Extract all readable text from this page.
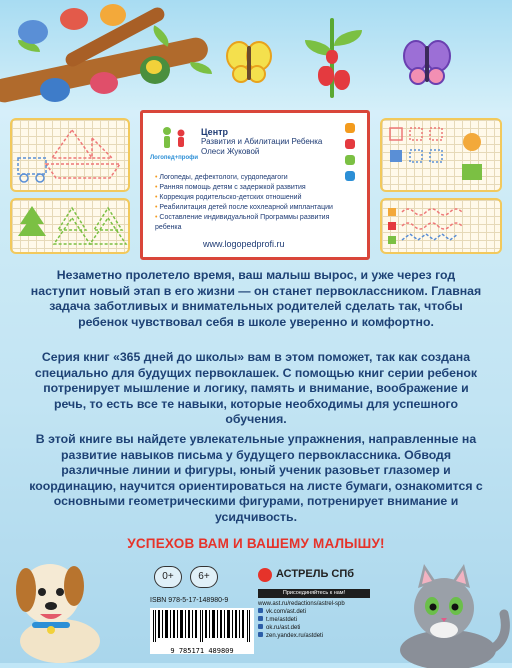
Логопед+профи
Центр
Развития и Абилитации Ребенка
Олеси Жуковой
• Логопеды, дефектологи, сурдопедагоги
• Ранняя помощь детям с задержкой развития
• Коррекция родительско-детских отношений
• Реабилитация детей после кохлеарной имплантации
• Составление индивидуальной Программы развития ребенка
www.logopedprofi.ru

Незаметно пролетело время, ваш малыш вырос, и уже через год наступит новый этап в его жизни — он станет первоклассником. Главная задача заботливых и внимательных родителей сделать так, чтобы ребенок чувствовал себя в школе уверенно и комфортно.

Серия книг «365 дней до школы» вам в этом поможет, так как создана специально для будущих первоклашек. С помощью книг серии ребенок потренирует мышление и логику, память и внимание, воображение и речь, то есть все те навыки, которые необходимы для успешного обучения.

В этой книге вы найдете увлекательные упражнения, направленные на развитие навыков письма у будущего первоклассника. Обводя различные линии и фигуры, юный ученик разовьет глазомер и координацию, научится ориентироваться на листе бумаги, ознакомится с основными геометрическими фигурами, потренирует внимание и усидчивость.

УСПЕХОВ ВАМ И ВАШЕМУ МАЛЫШУ!
0+	6+
ISBN 978-5-17-148980-9
9 785171 489809
АСТРЕЛЬ СПб
Присоединяйтесь к нам!
www.ast.ru/redactions/astrel-spb
vk.com/ast.deti
t.me/astdeti
ok.ru/ast.deti
zen.yandex.ru/astdeti
